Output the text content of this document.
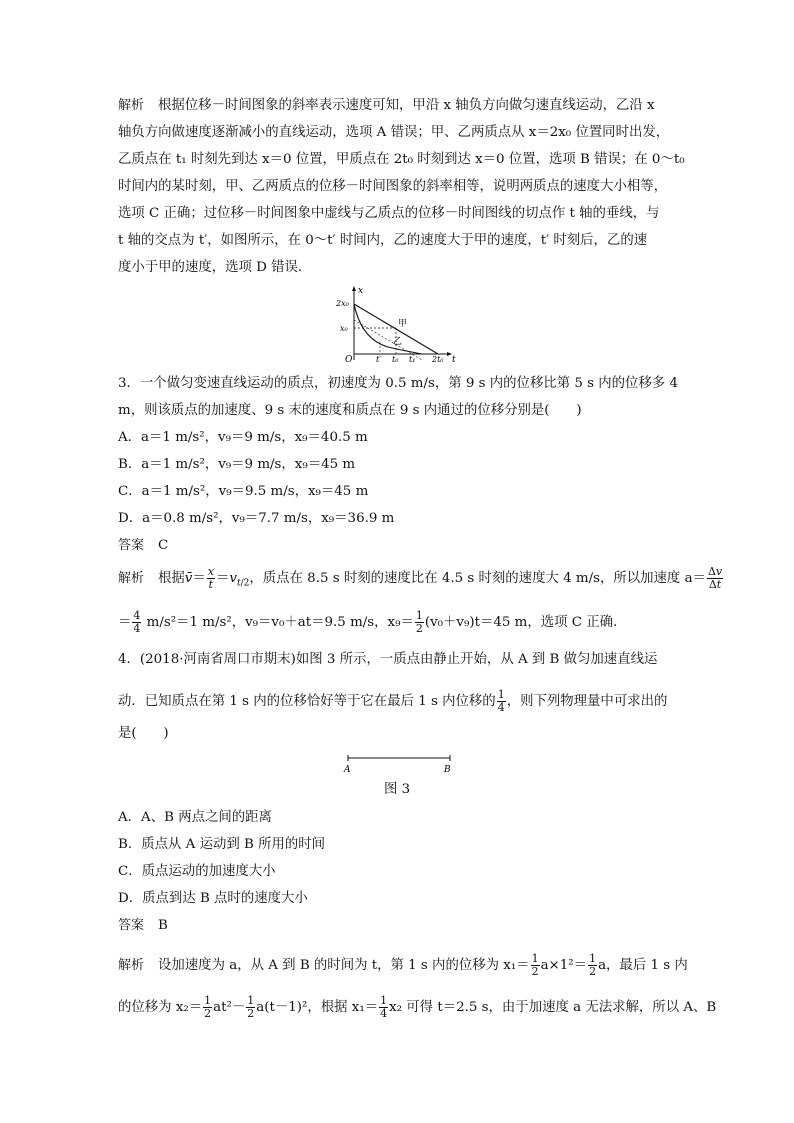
解析 根据位移－时间图象的斜率表示速度可知，甲沿 x 轴负方向做匀速直线运动，乙沿 x
轴负方向做速度逐渐减小的直线运动，选项 A 错误；甲、乙两质点从 x＝2x₀ 位置同时出发，
乙质点在 t₁ 时刻先到达 x＝0 位置，甲质点在 2t₀ 时刻到达 x＝0 位置，选项 B 错误；在 0～t₀
时间内的某时刻，甲、乙两质点的位移－时间图象的斜率相等，说明两质点的速度大小相等，
选项 C 正确；过位移－时间图象中虚线与乙质点的位移－时间图线的切点作 t 轴的垂线，与
t 轴的交点为 t′，如图所示，在 0～t′ 时间内，乙的速度大于甲的速度，t′ 时刻后，乙的速
度小于甲的速度，选项 D 错误.
x
t
O
2x₀
x₀	甲
乙
t′ t₀ t₁ 2t₀
3．一个做匀变速直线运动的质点，初速度为 0.5 m/s，第 9 s 内的位移比第 5 s 内的位移多 4
m，则该质点的加速度、9 s 末的速度和质点在 9 s 内通过的位移分别是(　　)
A．a＝1 m/s²，v₉＝9 m/s，x₉＝40.5 m
B．a＝1 m/s²，v₉＝9 m/s，x₉＝45 m
C．a＝1 m/s²，v₉＝9.5 m/s，x₉＝45 m
D．a＝0.8 m/s²，v₉＝7.7 m/s，x₉＝36.9 m
答案 C
解析 根据v̄＝ $\frac{x}{t} =v_{t/2}$，质点在 8.5 s 时刻的速度比在 4.5 s 时刻的速度大 4 m/s，所以加速度 $a= \frac{\Delta v}{\Delta t}$
＝ $\frac{4}{4} m/s^2=1$ m/s²，v₉＝v₀＋at＝9.5 m/s，$x_9= \frac{1}{2} (v_0+v_9)t=45$ m，选项 C 正确.
4．(2018·河南省周口市期末)如图 3 所示，一质点由静止开始，从 A 到 B 做匀加速直线运
动．已知质点在第 1 s 内的位移恰好等于它在最后 1 s 内位移的 $\frac{1}{4}$ ，则下列物理量中可求出的
是(　　)
A	B
图 3
A．A、B 两点之间的距离
B．质点从 A 运动到 B 所用的时间
C．质点运动的加速度大小
D．质点到达 B 点时的速度大小
答案 B
解析 设加速度为 a，从 A 到 B 的时间为 t，第 1 s 内的位移为 $x_1= \frac{1}{2} a\times 1^2= \frac{1}{2}$ a，最后 1 s 内
的位移为 $x_2= \frac{1}{2} at^2- \frac{1}{2} a(t-1)^2$，根据 $x_1= \frac{1}{4} x_2$ 可得 t＝2.5 s，由于加速度 a 无法求解，所以 A、B
